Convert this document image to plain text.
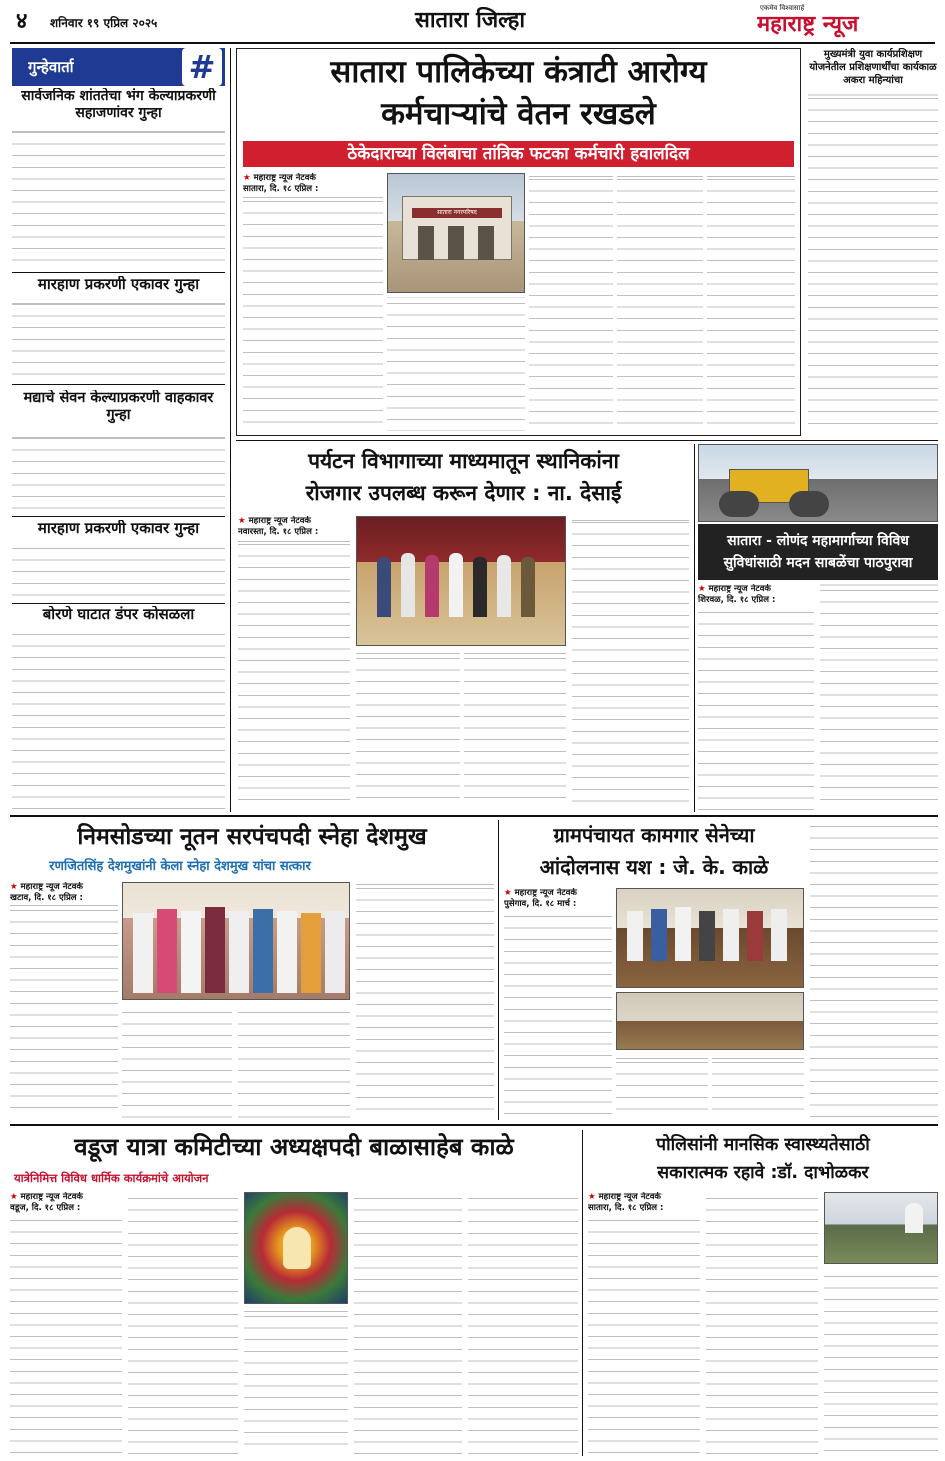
४ शनिवार १९ एप्रिल २०२५	सातारा जिल्हा	एकमेव विश्वासार्ह
महाराष्ट्र न्यूज
गुन्हेवार्ता	#
सार्वजनिक शांततेचा भंग केल्याप्रकरणी सहाजणांवर गुन्हा
मारहाण प्रकरणी एकावर गुन्हा
मद्याचे सेवन केल्याप्रकरणी वाहकावर गुन्हा
मारहाण प्रकरणी एकावर गुन्हा
बोरणे घाटात डंपर कोसळला
सातारा पालिकेच्या कंत्राटी आरोग्य
कर्मचाऱ्यांचे वेतन रखडले
ठेकेदाराच्या विलंबाचा तांत्रिक फटका कर्मचारी हवालदिल
★ महाराष्ट्र न्यूज नेटवर्क
सातारा, दि. १८ एप्रिल :
सातारा नगरपरिषद
मुख्यमंत्री युवा कार्यप्रशिक्षण योजनेतील प्रशिक्षणार्थींचा कार्यकाळ अकरा महिन्यांचा
पर्यटन विभागाच्या माध्यमातून स्थानिकांना
रोजगार उपलब्ध करून देणार : ना. देसाई
★ महाराष्ट्र न्यूज नेटवर्क
नवारस्ता, दि. १८ एप्रिल :
सातारा - लोणंद महामार्गाच्या विविध सुविधांसाठी मदन साबळेंचा पाठपुरावा
★ महाराष्ट्र न्यूज नेटवर्क
शिरवळ, दि. १८ एप्रिल :
निमसोडच्या नूतन सरपंचपदी स्नेहा देशमुख
रणजितसिंह देशमुखांनी केला स्नेहा देशमुख यांचा सत्कार
★ महाराष्ट्र न्यूज नेटवर्क
खटाव, दि. १८ एप्रिल :
ग्रामपंचायत कामगार सेनेच्या
आंदोलनास यश : जे. के. काळे
★ महाराष्ट्र न्यूज नेटवर्क
पुसेगाव, दि. १८ मार्च :
वडूज यात्रा कमिटीच्या अध्यक्षपदी बाळासाहेब काळे
यात्रेनिमित्त विविध धार्मिक कार्यक्रमांचे आयोजन
★ महाराष्ट्र न्यूज नेटवर्क
वडूज, दि. १८ एप्रिल :
पोलिसांनी मानसिक स्वास्थ्यतेसाठी
सकारात्मक रहावे :डॉ. दाभोळकर
★ महाराष्ट्र न्यूज नेटवर्क
सातारा, दि. १८ एप्रिल :
